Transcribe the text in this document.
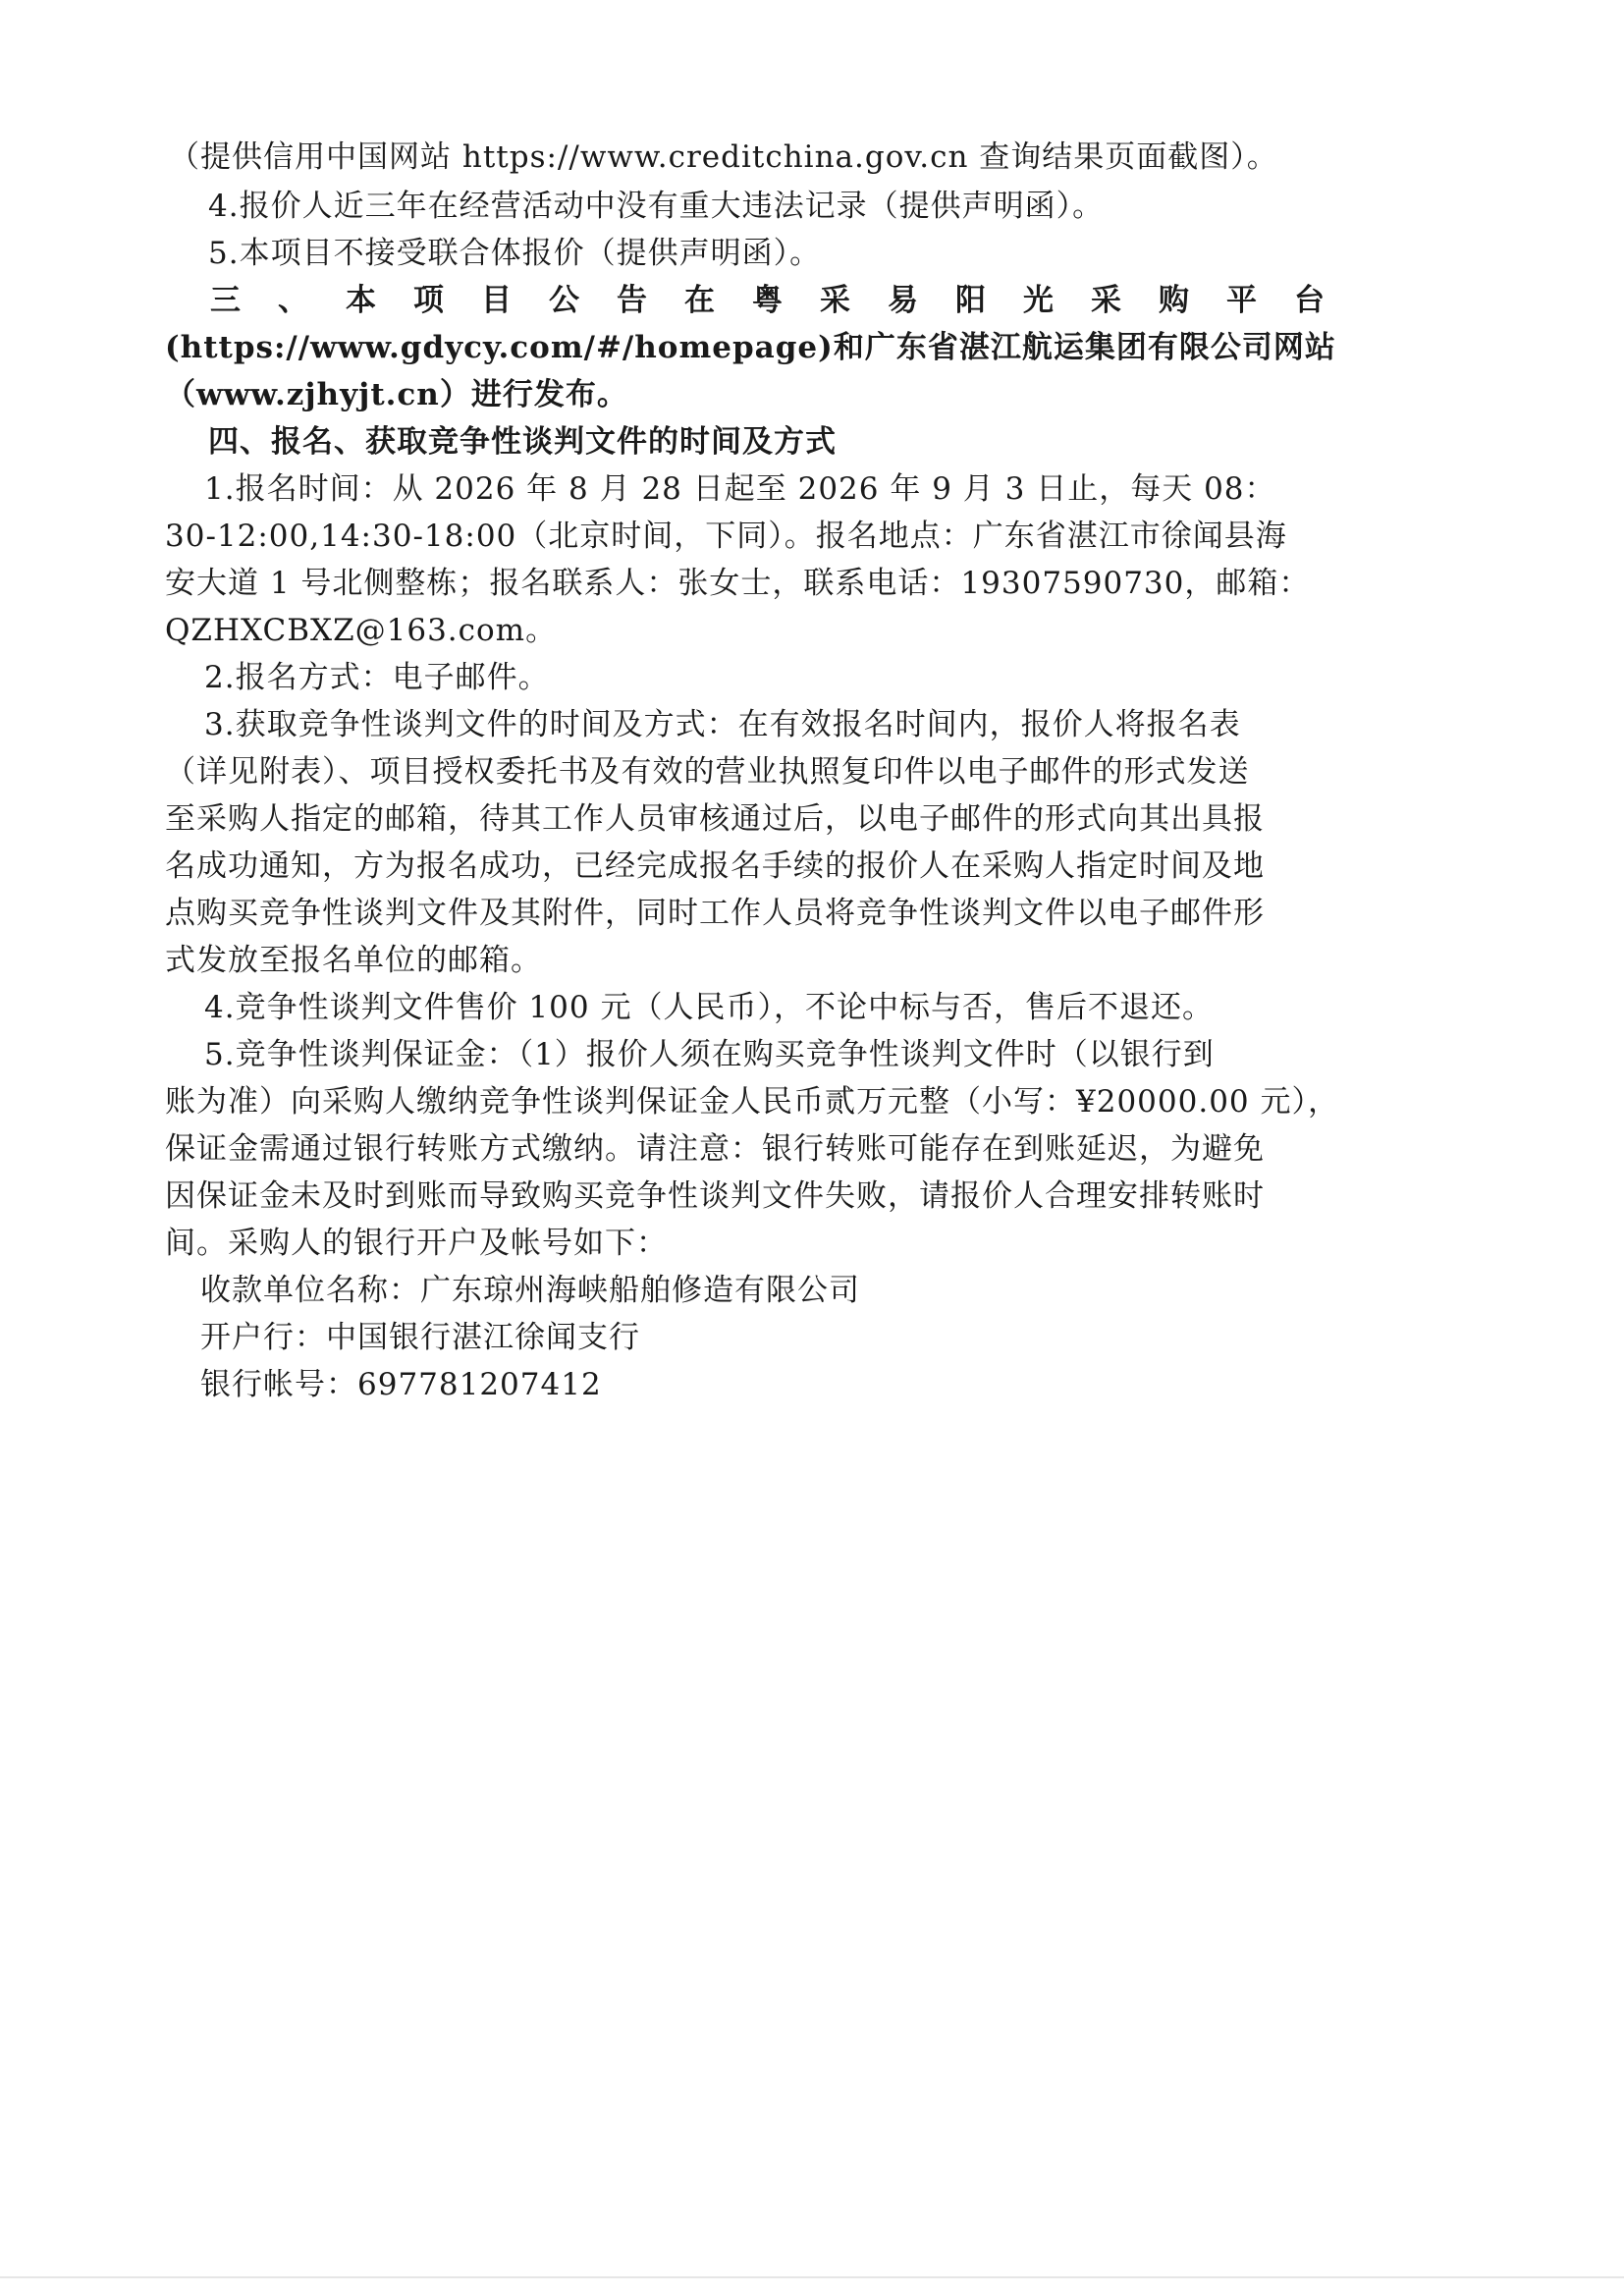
（提供信用中国网站 https://www.creditchina.gov.cn 查询结果页面截图）。
4.报价人近三年在经营活动中没有重大违法记录（提供声明函）。
5.本项目不接受联合体报价（提供声明函）。
三、本项目公告在粤采易阳光采购平台
(https://www.gdycy.com/#/homepage)和广东省湛江航运集团有限公司网站
（www.zjhyjt.cn）进行发布。
四、报名、获取竞争性谈判文件的时间及方式
1.报名时间：从 2026 年 8 月 28 日起至 2026 年 9 月 3 日止，每天 08：
30-12:00,14:30-18:00（北京时间，下同）。报名地点：广东省湛江市徐闻县海
安大道 1 号北侧整栋；报名联系人：张女士，联系电话：19307590730，邮箱：
QZHXCBXZ@163.com。
2.报名方式：电子邮件。
3.获取竞争性谈判文件的时间及方式：在有效报名时间内，报价人将报名表
（详见附表）、项目授权委托书及有效的营业执照复印件以电子邮件的形式发送
至采购人指定的邮箱，待其工作人员审核通过后，以电子邮件的形式向其出具报
名成功通知，方为报名成功，已经完成报名手续的报价人在采购人指定时间及地
点购买竞争性谈判文件及其附件，同时工作人员将竞争性谈判文件以电子邮件形
式发放至报名单位的邮箱。
4.竞争性谈判文件售价 100 元（人民币），不论中标与否，售后不退还。
5.竞争性谈判保证金：（1）报价人须在购买竞争性谈判文件时（以银行到
账为准）向采购人缴纳竞争性谈判保证金人民币贰万元整（小写：¥20000.00 元），
保证金需通过银行转账方式缴纳。请注意：银行转账可能存在到账延迟，为避免
因保证金未及时到账而导致购买竞争性谈判文件失败，请报价人合理安排转账时
间。采购人的银行开户及帐号如下：
收款单位名称：广东琼州海峡船舶修造有限公司
开户行：中国银行湛江徐闻支行
银行帐号：697781207412
